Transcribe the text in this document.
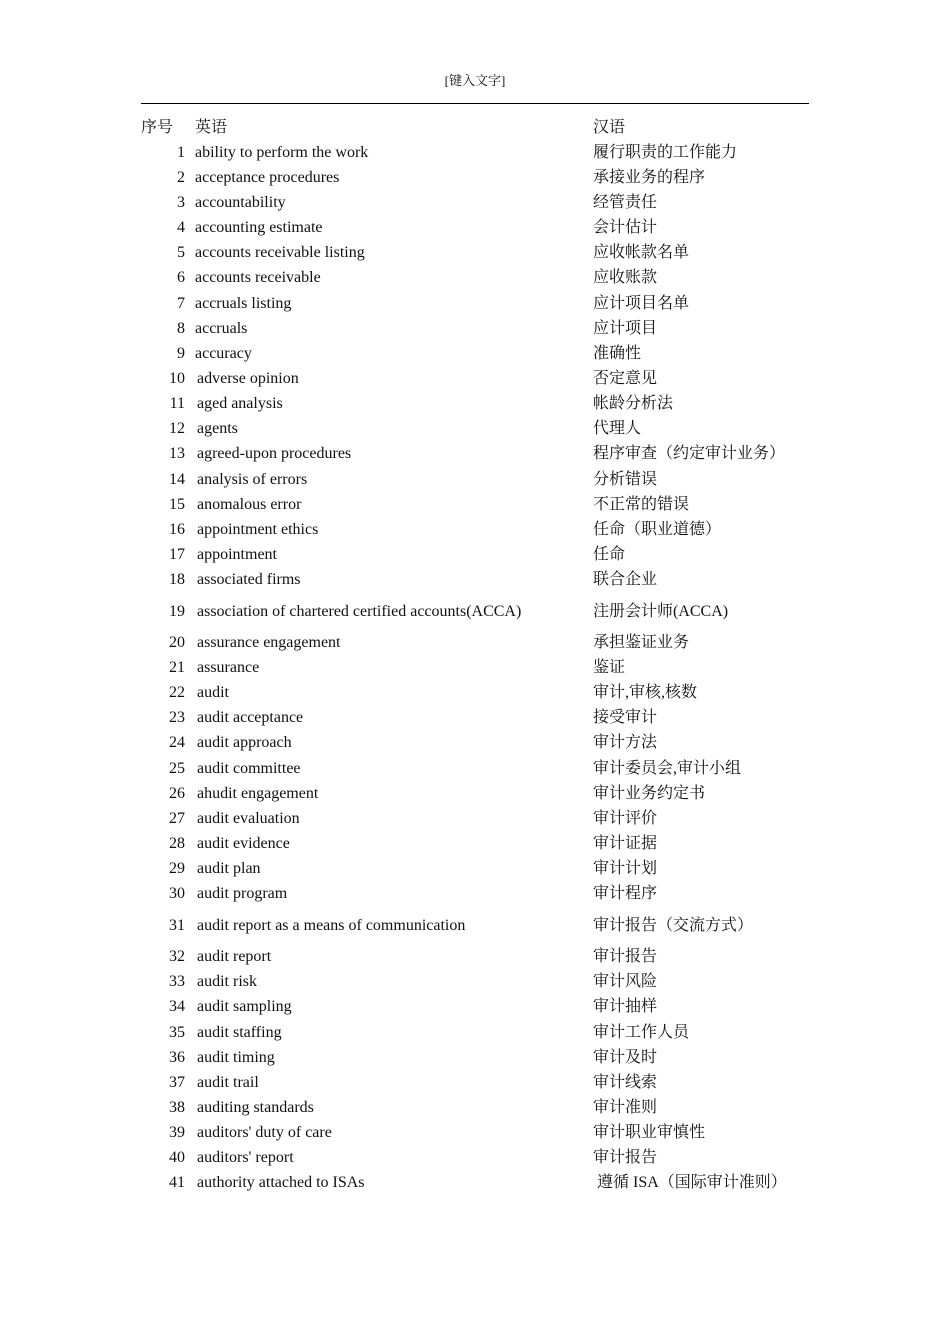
[键入文字]
序号 英语	汉语
1 ability to perform the work	履行职责的工作能力
2 acceptance procedures	承接业务的程序
3 accountability	经管责任
4 accounting estimate	会计估计
5 accounts receivable listing	应收帐款名单
6 accounts receivable	应收账款
7 accruals listing	应计项目名单
8 accruals	应计项目
9 accuracy	准确性
10 adverse opinion	否定意见
11 aged analysis	帐龄分析法
12 agents	代理人
13 agreed-upon procedures	程序审查（约定审计业务）
14 analysis of errors	分析错误
15 anomalous error	不正常的错误
16 appointment ethics	任命（职业道德）
17 appointment	任命
18 associated firms	联合企业
19 association of chartered certified accounts(ACCA)	注册会计师(ACCA)
20 assurance engagement	承担鉴证业务
21 assurance	鉴证
22 audit	审计,审核,核数
23 audit acceptance	接受审计
24 audit approach	审计方法
25 audit committee	审计委员会,审计小组
26 ahudit engagement	审计业务约定书
27 audit evaluation	审计评价
28 audit evidence	审计证据
29 audit plan	审计计划
30 audit program	审计程序
31 audit report as a means of communication	审计报告（交流方式）
32 audit report	审计报告
33 audit risk	审计风险
34 audit sampling	审计抽样
35 audit staffing	审计工作人员
36 audit timing	审计及时
37 audit trail	审计线索
38 auditing standards	审计准则
39 auditors' duty of care	审计职业审慎性
40 auditors' report	审计报告
41 authority attached to ISAs	遵循 ISA（国际审计准则）
